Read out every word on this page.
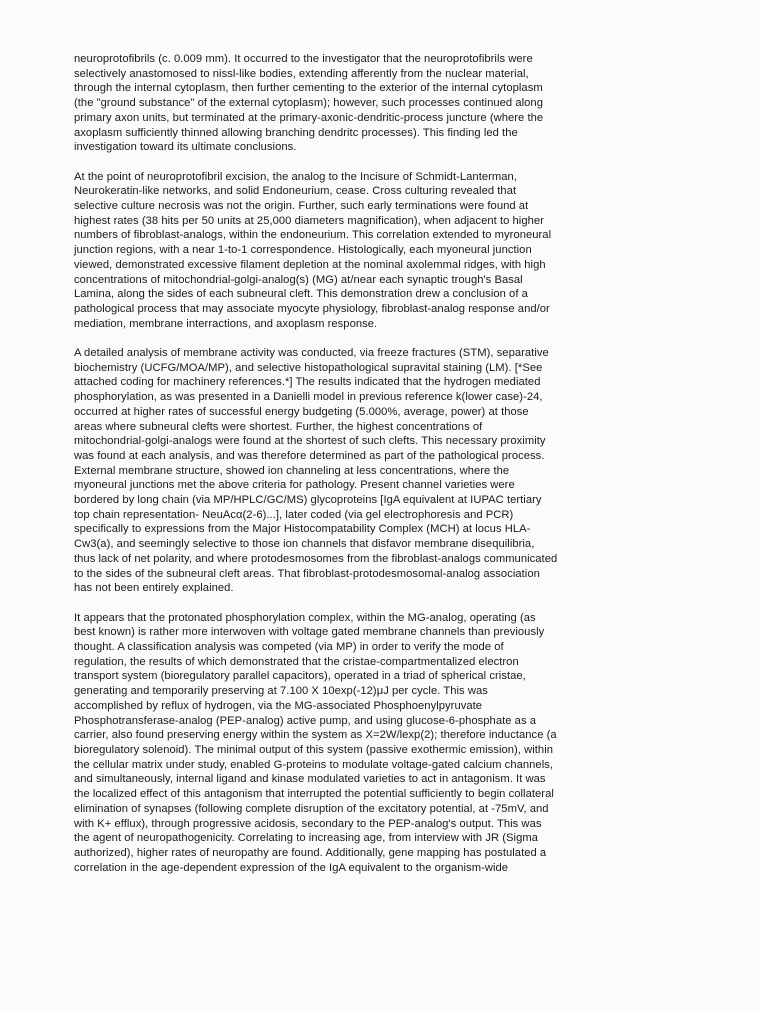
neuroprotofibrils (c. 0.009 mm). It occurred to the investigator that the neuroprotofibrils were
selectively anastomosed to nissl-like bodies, extending afferently from the nuclear material,
through the internal cytoplasm, then further cementing to the exterior of the internal cytoplasm
(the "ground substance" of the external cytoplasm); however, such processes continued along
primary axon units, but terminated at the primary-axonic-dendritic-process juncture (where the
axoplasm sufficiently thinned allowing branching dendritc processes). This finding led the
investigation toward its ultimate conclusions.

At the point of neuroprotofibril excision, the analog to the Incisure of Schmidt-Lanterman,
Neurokeratin-like networks, and solid Endoneurium, cease. Cross culturing revealed that
selective culture necrosis was not the origin. Further, such early terminations were found at
highest rates (38 hits per 50 units at 25,000 diameters magnification), when adjacent to higher
numbers of fibroblast-analogs, within the endoneurium. This correlation extended to myroneural
junction regions, with a near 1-to-1 correspondence. Histologically, each myoneural junction
viewed, demonstrated excessive filament depletion at the nominal axolemmal ridges, with high
concentrations of mitochondrial-golgi-analog(s) (MG) at/near each synaptic trough's Basal
Lamina, along the sides of each subneural cleft. This demonstration drew a conclusion of a
pathological process that may associate myocyte physiology, fibroblast-analog response and/or
mediation, membrane interractions, and axoplasm response.

A detailed analysis of membrane activity was conducted, via freeze fractures (STM), separative
biochemistry (UCFG/MOA/MP), and selective histopathological supravital staining (LM). [*See
attached coding for machinery references.*] The results indicated that the hydrogen mediated
phosphorylation, as was presented in a Danielli model in previous reference k(lower case)-24,
occurred at higher rates of successful energy budgeting (5.000%, average, power) at those
areas where subneural clefts were shortest. Further, the highest concentrations of
mitochondrial-golgi-analogs were found at the shortest of such clefts. This necessary proximity
was found at each analysis, and was therefore determined as part of the pathological process.
External membrane structure, showed ion channeling at less concentrations, where the
myoneural junctions met the above criteria for pathology. Present channel varieties were
bordered by long chain (via MP/HPLC/GC/MS) glycoproteins [IgA equivalent at IUPAC tertiary
top chain representation- NeuAcα(2-6)...], later coded (via gel electrophoresis and PCR)
specifically to expressions from the Major Histocompatability Complex (MCH) at locus HLA-
Cw3(a), and seemingly selective to those ion channels that disfavor membrane disequilibria,
thus lack of net polarity, and where protodesmosomes from the fibroblast-analogs communicated
to the sides of the subneural cleft areas. That fibroblast-protodesmosomal-analog association
has not been entirely explained.

It appears that the protonated phosphorylation complex, within the MG-analog, operating (as
best known) is rather more interwoven with voltage gated membrane channels than previously
thought. A classification analysis was competed (via MP) in order to verify the mode of
regulation, the results of which demonstrated that the cristae-compartmentalized electron
transport system (bioregulatory parallel capacitors), operated in a triad of spherical cristae,
generating and temporarily preserving at 7.100 X 10exp(-12)μJ per cycle. This was
accomplished by reflux of hydrogen, via the MG-associated Phosphoenylpyruvate
Phosphotransferase-analog (PEP-analog) active pump, and using glucose-6-phosphate as a
carrier, also found preserving energy within the system as X=2W/lexp(2); therefore inductance (a
bioregulatory solenoid). The minimal output of this system (passive exothermic emission), within
the cellular matrix under study, enabled G-proteins to modulate voltage-gated calcium channels,
and simultaneously, internal ligand and kinase modulated varieties to act in antagonism. It was
the localized effect of this antagonism that interrupted the potential sufficiently to begin collateral
elimination of synapses (following complete disruption of the excitatory potential, at -75mV, and
with K+ efflux), through progressive acidosis, secondary to the PEP-analog's output. This was
the agent of neuropathogenicity. Correlating to increasing age, from interview with JR (Sigma
authorized), higher rates of neuropathy are found. Additionally, gene mapping has postulated a
correlation in the age-dependent expression of the IgA equivalent to the organism-wide
